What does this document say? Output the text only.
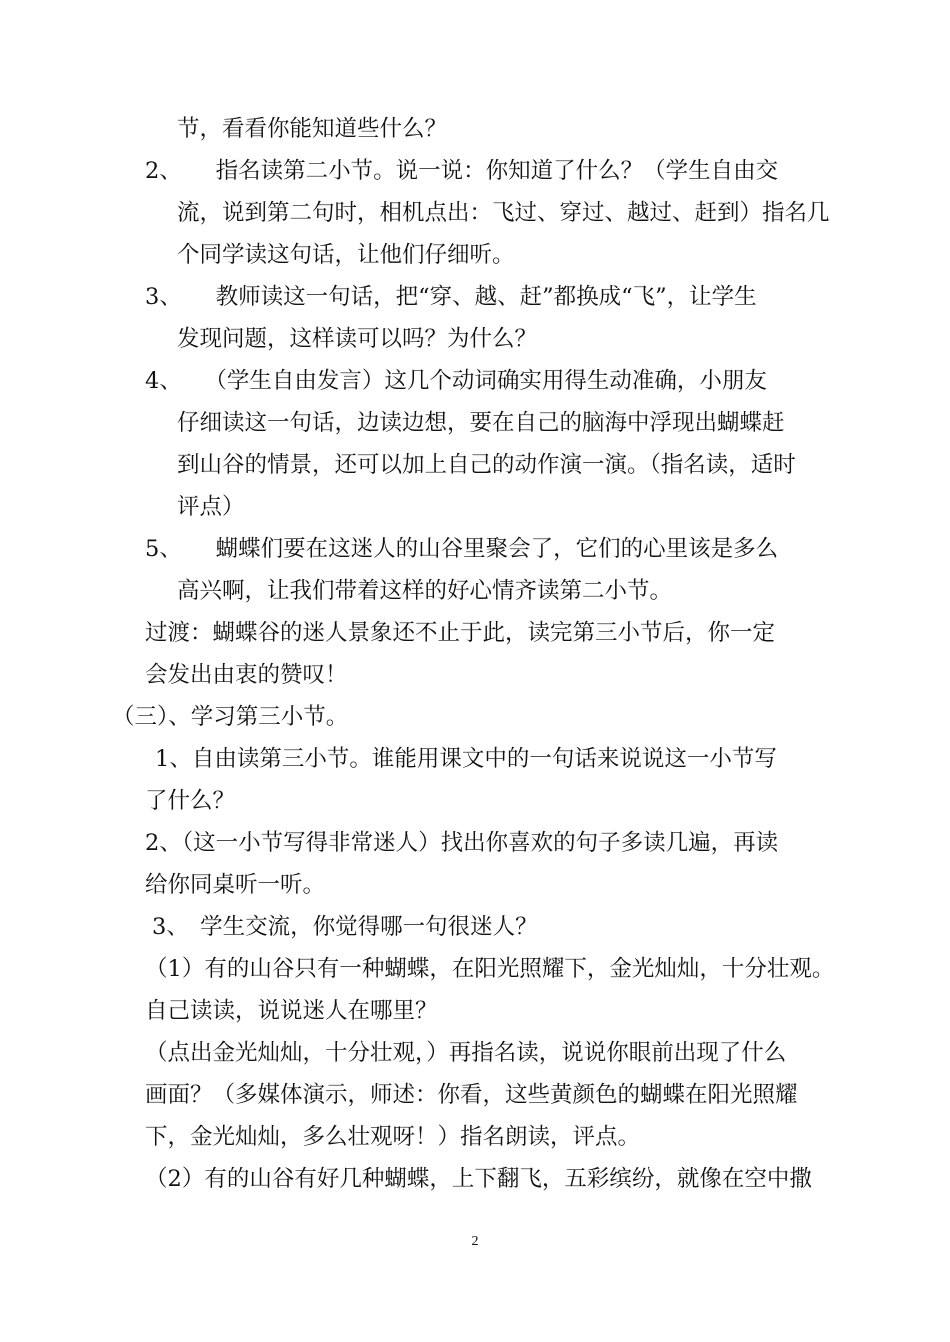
节，看看你能知道些什么？
2、　　指名读第二小节。说一说：你知道了什么？（学生自由交
流，说到第二句时，相机点出：飞过、穿过、越过、赶到）指名几
个同学读这句话，让他们仔细听。
3、　　教师读这一句话，把“穿、越、赶”都换成“飞”，让学生
发现问题，这样读可以吗？为什么？
4、　　（学生自由发言）这几个动词确实用得生动准确，小朋友
仔细读这一句话，边读边想，要在自己的脑海中浮现出蝴蝶赶
到山谷的情景，还可以加上自己的动作演一演。（指名读，适时
评点）
5、　　蝴蝶们要在这迷人的山谷里聚会了，它们的心里该是多么
高兴啊，让我们带着这样的好心情齐读第二小节。
过渡：蝴蝶谷的迷人景象还不止于此，读完第三小节后，你一定
会发出由衷的赞叹！
（三）、学习第三小节。
1、自由读第三小节。谁能用课文中的一句话来说说这一小节写
了什么？
2、（这一小节写得非常迷人）找出你喜欢的句子多读几遍，再读
给你同桌听一听。
3、　学生交流，你觉得哪一句很迷人？
（1）有的山谷只有一种蝴蝶，在阳光照耀下，金光灿灿，十分壮观。
自己读读，说说迷人在哪里？
（点出金光灿灿，十分壮观，）再指名读，说说你眼前出现了什么
画面？（多媒体演示，师述：你看，这些黄颜色的蝴蝶在阳光照耀
下，金光灿灿，多么壮观呀！）指名朗读，评点。
（2）有的山谷有好几种蝴蝶，上下翻飞，五彩缤纷，就像在空中撒
2
